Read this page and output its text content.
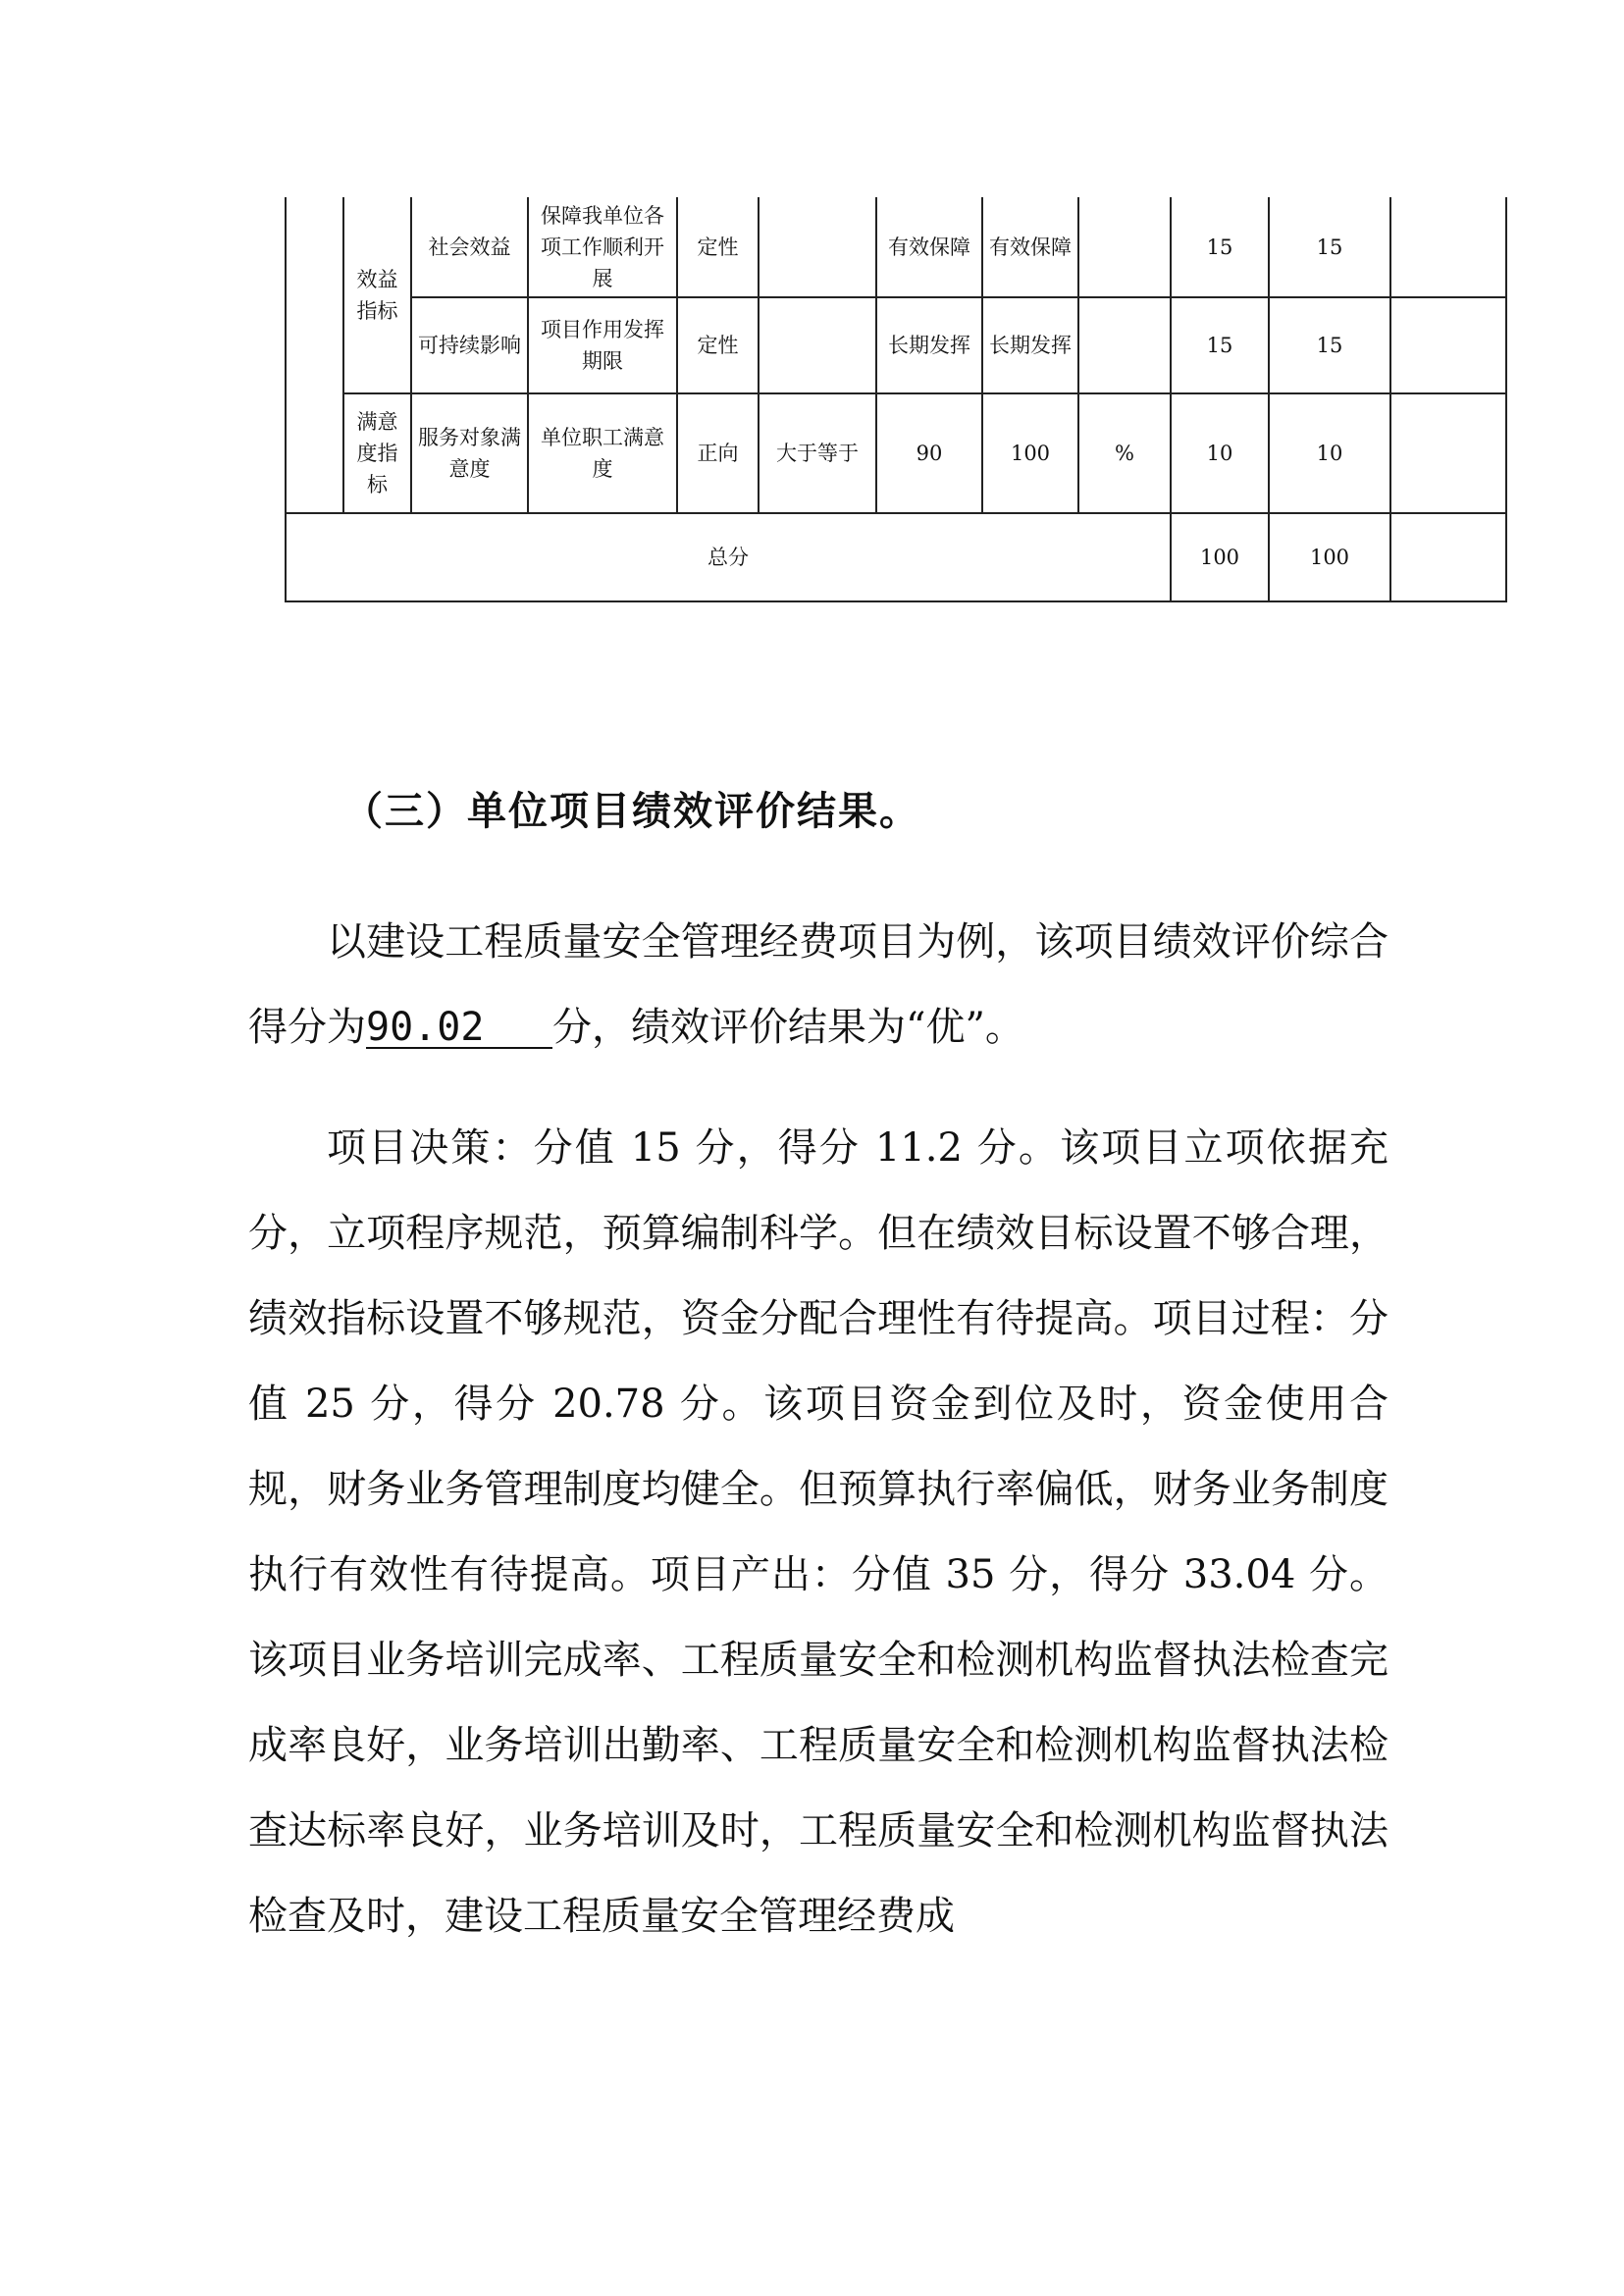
	效益指标	社会效益	保障我单位各项工作顺利开展	定性		有效保障	有效保障		15	15	
		可持续影响	项目作用发挥期限	定性		长期发挥	长期发挥		15	15	
	满意度指标	服务对象满意度	单位职工满意度	正向	大于等于	90	100	%	10	10	
总分									100	100	
（三）单位项目绩效评价结果。

以建设工程质量安全管理经费项目为例，该项目绩效评价综合得分为90.02 分，绩效评价结果为“优”。

项目决策：分值 15 分，得分 11.2 分。该项目立项依据充分，立项程序规范，预算编制科学。但在绩效目标设置不够合理，绩效指标设置不够规范，资金分配合理性有待提高。项目过程：分值 25 分，得分 20.78 分。该项目资金到位及时，资金使用合规，财务业务管理制度均健全。但预算执行率偏低，财务业务制度执行有效性有待提高。项目产出：分值 35 分，得分 33.04 分。该项目业务培训完成率、工程质量安全和检测机构监督执法检查完成率良好，业务培训出勤率、工程质量安全和检测机构监督执法检查达标率良好，业务培训及时，工程质量安全和检测机构监督执法检查及时，建设工程质量安全管理经费成
